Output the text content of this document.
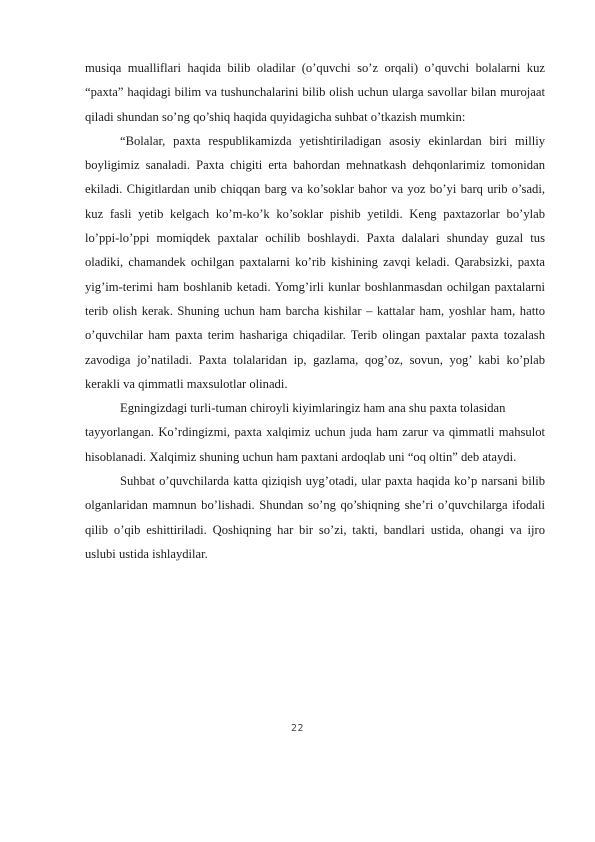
musiqa mualliflari haqida bilib oladilar (o’quvchi so’z orqali) o’quvchi bolalarni kuz “paxta” haqidagi bilim va tushunchalarini bilib olish uchun ularga savollar bilan murojaat qiladi shundan so’ng qo’shiq haqida quyidagicha suhbat o’tkazish mumkin:

“Bolalar, paxta respublikamizda yetishtiriladigan asosiy ekinlardan biri milliy boyligimiz sanaladi. Paxta chigiti erta bahordan mehnatkash dehqonlarimiz tomonidan ekiladi. Chigitlardan unib chiqqan barg va ko’soklar bahor va yoz bo’yi barq urib o’sadi, kuz fasli yetib kelgach ko’m-ko’k ko’soklar pishib yetildi. Keng paxtazorlar bo’ylab lo’ppi-lo’ppi momiqdek paxtalar ochilib boshlaydi. Paxta dalalari shunday guzal tus oladiki, chamandek ochilgan paxtalarni ko’rib kishining zavqi keladi. Qarabsizki, paxta yig’im-terimi ham boshlanib ketadi. Yomg’irli kunlar boshlanmasdan ochilgan paxtalarni terib olish kerak. Shuning uchun ham barcha kishilar – kattalar ham, yoshlar ham, hatto o’quvchilar ham paxta terim hashariga chiqadilar. Terib olingan paxtalar paxta tozalash zavodiga jo’natiladi. Paxta tolalaridan ip, gazlama, qog’oz, sovun, yog’ kabi ko’plab kerakli va qimmatli maxsulotlar olinadi.

Egningizdagi turli-tuman chiroyli kiyimlaringiz ham ana shu paxta tolasidan

tayyorlangan. Ko’rdingizmi, paxta xalqimiz uchun juda ham zarur va qimmatli mahsulot hisoblanadi. Xalqimiz shuning uchun ham paxtani ardoqlab uni “oq oltin” deb ataydi.

Suhbat o’quvchilarda katta qiziqish uyg’otadi, ular paxta haqida ko’p narsani bilib olganlaridan mamnun bo’lishadi. Shundan so’ng qo’shiqning she’ri o’quvchilarga ifodali qilib o’qib eshittiriladi. Qoshiqning har bir so’zi, takti, bandlari ustida, ohangi va ijro uslubi ustida ishlaydilar.

22
